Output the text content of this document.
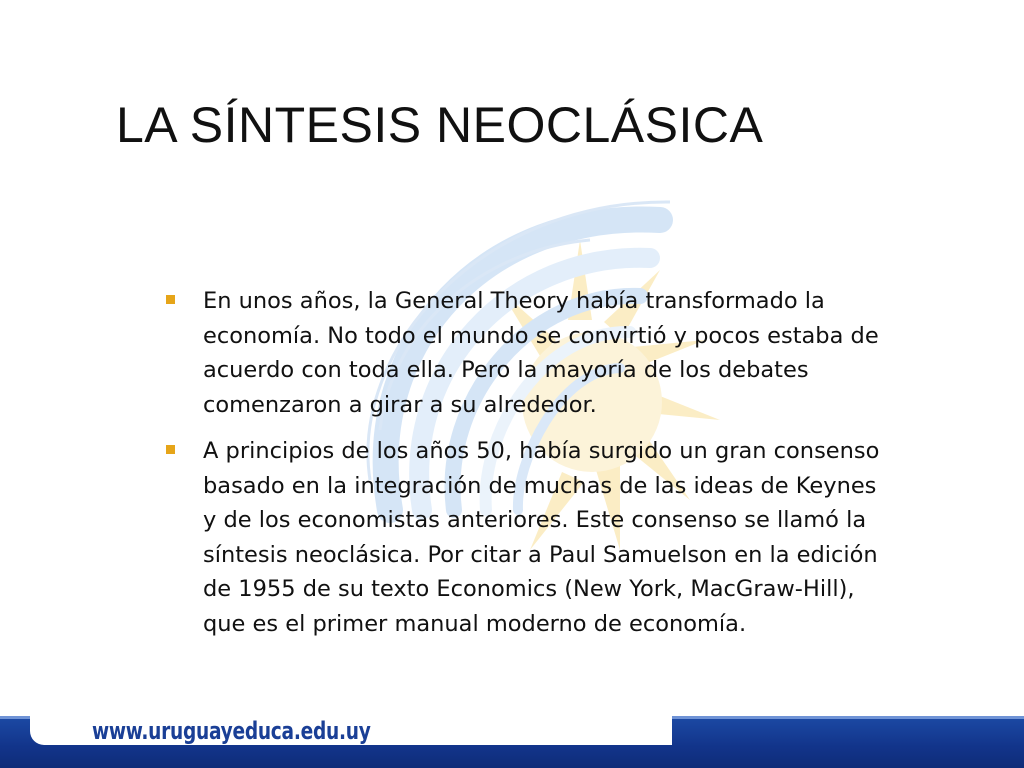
LA SÍNTESIS NEOCLÁSICA
En unos años, la General Theory había transformado la economía. No todo el mundo se convirtió y pocos estaba de acuerdo con toda ella. Pero la mayoría de los debates comenzaron a girar a su alrededor.
A principios de los años 50, había surgido un gran consenso basado en la integración de muchas de las ideas de Keynes y de los economistas anteriores. Este consenso se llamó la síntesis neoclásica. Por citar a Paul Samuelson en la edición de 1955 de su texto Economics (New York, MacGraw-Hill), que es el primer manual moderno de economía.
www.uruguayeduca.edu.uy
